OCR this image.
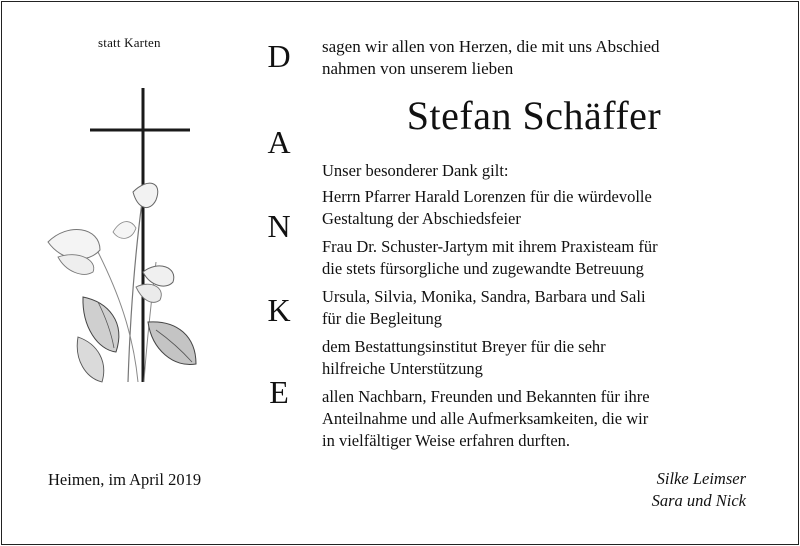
statt Karten	D
A
N
K
E
sagen wir allen von Herzen, die mit uns Abschied
nahmen von unserem lieben
Stefan Schäffer
Unser besonderer Dank gilt:
Herrn Pfarrer Harald Lorenzen für die würdevolle
Gestaltung der Abschiedsfeier
Frau Dr. Schuster-Jartym mit ihrem Praxisteam für
die stets fürsorgliche und zugewandte Betreuung
Ursula, Silvia, Monika, Sandra, Barbara und Sali
für die Begleitung
dem Bestattungsinstitut Breyer für die sehr
hilfreiche Unterstützung
allen Nachbarn, Freunden und Bekannten für ihre
Anteilnahme und alle Aufmerksamkeiten, die wir
in vielfältiger Weise erfahren durften.
Heimen, im April 2019	Silke Leimser
Sara und Nick
